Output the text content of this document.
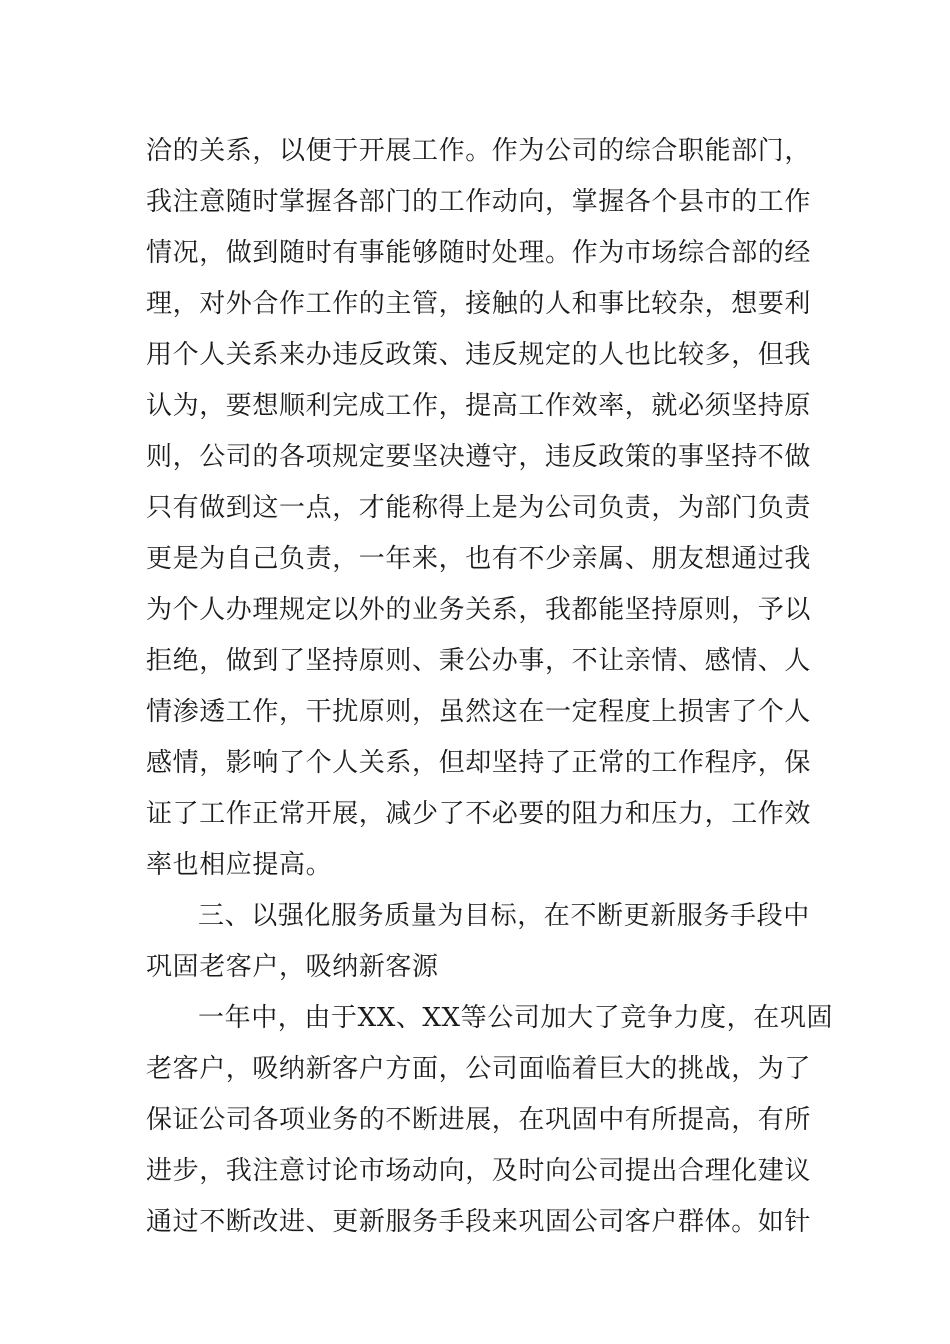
洽的关系，以便于开展工作。作为公司的综合职能部门，
我注意随时掌握各部门的工作动向，掌握各个县市的工作
情况，做到随时有事能够随时处理。作为市场综合部的经
理，对外合作工作的主管，接触的人和事比较杂，想要利
用个人关系来办违反政策、违反规定的人也比较多，但我
认为，要想顺利完成工作，提高工作效率，就必须坚持原
则，公司的各项规定要坚决遵守，违反政策的事坚持不做
只有做到这一点，才能称得上是为公司负责，为部门负责
更是为自己负责，一年来，也有不少亲属、朋友想通过我
为个人办理规定以外的业务关系，我都能坚持原则，予以
拒绝，做到了坚持原则、秉公办事，不让亲情、感情、人
情渗透工作，干扰原则，虽然这在一定程度上损害了个人
感情，影响了个人关系，但却坚持了正常的工作程序，保
证了工作正常开展，减少了不必要的阻力和压力，工作效
率也相应提高。
三、以强化服务质量为目标，在不断更新服务手段中
巩固老客户，吸纳新客源
一年中，由于XX、XX等公司加大了竞争力度，在巩固
老客户，吸纳新客户方面，公司面临着巨大的挑战，为了
保证公司各项业务的不断进展，在巩固中有所提高，有所
进步，我注意讨论市场动向，及时向公司提出合理化建议
通过不断改进、更新服务手段来巩固公司客户群体。如针
